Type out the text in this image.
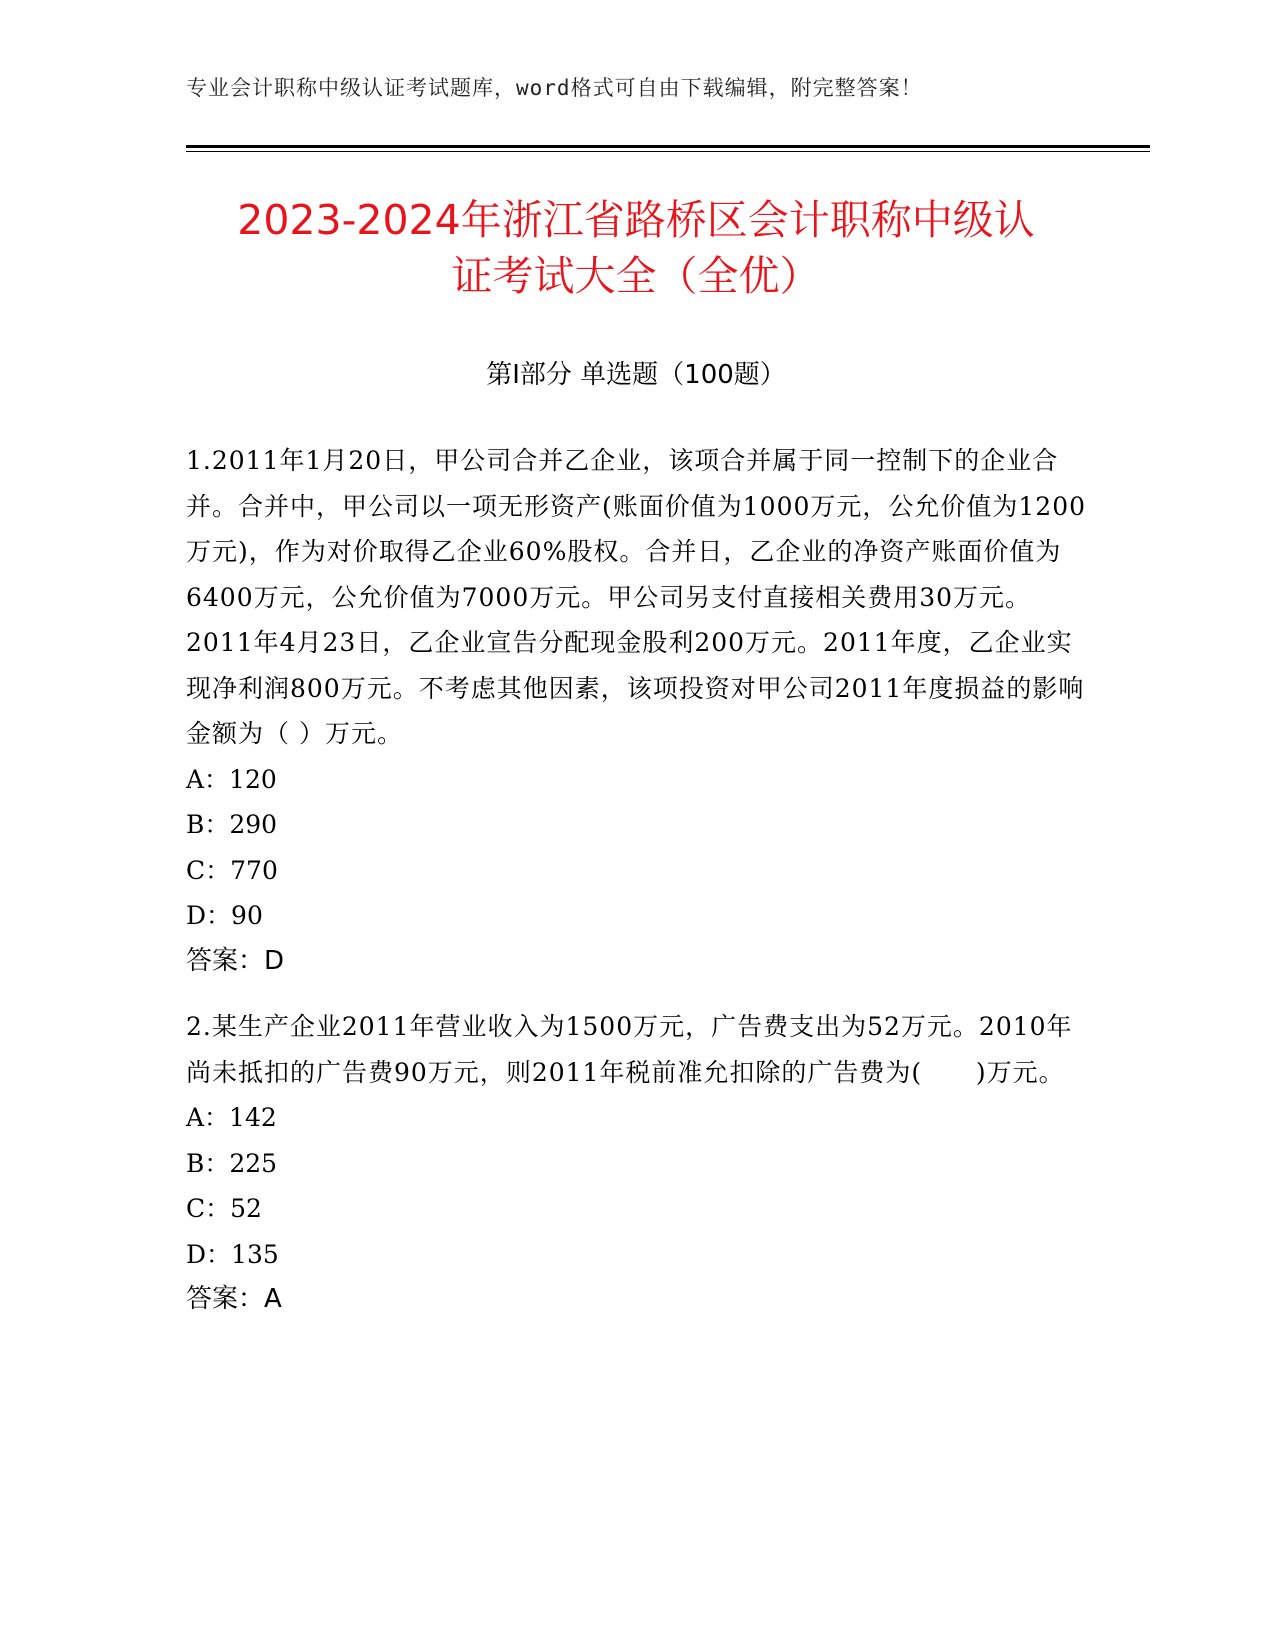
专业会计职称中级认证考试题库，word格式可自由下载编辑，附完整答案！
2023-2024年浙江省路桥区会计职称中级认
证考试大全（全优）
第Ⅰ部分 单选题（100题）
1.2011年1月20日，甲公司合并乙企业，该项合并属于同一控制下的企业合并。合并中，甲公司以一项无形资产(账面价值为1000万元，公允价值为1200万元)，作为对价取得乙企业60%股权。合并日，乙企业的净资产账面价值为6400万元，公允价值为7000万元。甲公司另支付直接相关费用30万元。2011年4月23日，乙企业宣告分配现金股利200万元。2011年度，乙企业实现净利润800万元。不考虑其他因素，该项投资对甲公司2011年度损益的影响金额为（ ）万元。
A：120
B：290
C：770
D：90
答案：D
2.某生产企业2011年营业收入为1500万元，广告费支出为52万元。2010年尚未抵扣的广告费90万元，则2011年税前准允扣除的广告费为(      )万元。
A：142
B：225
C：52
D：135
答案：A
